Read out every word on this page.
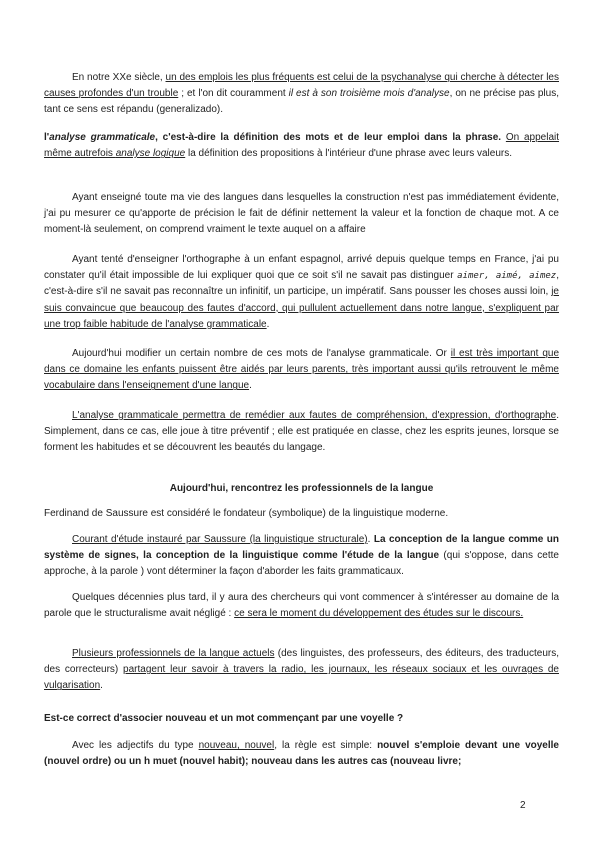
En notre XXe siècle, un des emplois les plus fréquents est celui de la psychanalyse qui cherche à détecter les causes profondes d'un trouble ; et l'on dit couramment il est à son troisième mois d'analyse, on ne précise pas plus, tant ce sens est répandu (generalizado).

l'analyse grammaticale, c'est-à-dire la définition des mots et de leur emploi dans la phrase. On appelait même autrefois analyse logique la définition des propositions à l'intérieur d'une phrase avec leurs valeurs.

Ayant enseigné toute ma vie des langues dans lesquelles la construction n'est pas immédiatement évidente, j'ai pu mesurer ce qu'apporte de précision le fait de définir nettement la valeur et la fonction de chaque mot. A ce moment-là seulement, on comprend vraiment le texte auquel on a affaire

Ayant tenté d'enseigner l'orthographe à un enfant espagnol, arrivé depuis quelque temps en France, j'ai pu constater qu'il était impossible de lui expliquer quoi que ce soit s'il ne savait pas distinguer aimer, aimé, aimez, c'est-à-dire s'il ne savait pas reconnaître un infinitif, un participe, un impératif. Sans pousser les choses aussi loin, je suis convaincue que beaucoup des fautes d'accord, qui pullulent actuellement dans notre langue, s'expliquent par une trop faible habitude de l'analyse grammaticale.

Aujourd'hui modifier un certain nombre de ces mots de l'analyse grammaticale. Or il est très important que dans ce domaine les enfants puissent être aidés par leurs parents, très important aussi qu'ils retrouvent le même vocabulaire dans l'enseignement d'une langue.

L'analyse grammaticale permettra de remédier aux fautes de compréhension, d'expression, d'orthographe. Simplement, dans ce cas, elle joue à titre préventif ; elle est pratiquée en classe, chez les esprits jeunes, lorsque se forment les habitudes et se découvrent les beautés du langage.

Aujourd'hui, rencontrez les professionnels de la langue

Ferdinand de Saussure est considéré le fondateur (symbolique) de la linguistique moderne.

Courant d'étude instauré par Saussure (la linguistique structurale). La conception de la langue comme un système de signes, la conception de la linguistique comme l'étude de la langue (qui s'oppose, dans cette approche, à la parole ) vont déterminer la façon d'aborder les faits grammaticaux.

Quelques décennies plus tard, il y aura des chercheurs qui vont commencer à s'intéresser au domaine de la parole que le structuralisme avait négligé : ce sera le moment du développement des études sur le discours.

Plusieurs professionnels de la langue actuels (des linguistes, des professeurs, des éditeurs, des traducteurs, des correcteurs) partagent leur savoir à travers la radio, les journaux, les réseaux sociaux et les ouvrages de vulgarisation.

Est-ce correct d'associer nouveau et un mot commençant par une voyelle ?

Avec les adjectifs du type nouveau, nouvel, la règle est simple: nouvel s'emploie devant une voyelle (nouvel ordre) ou un h muet (nouvel habit); nouveau dans les autres cas (nouveau livre;

2
